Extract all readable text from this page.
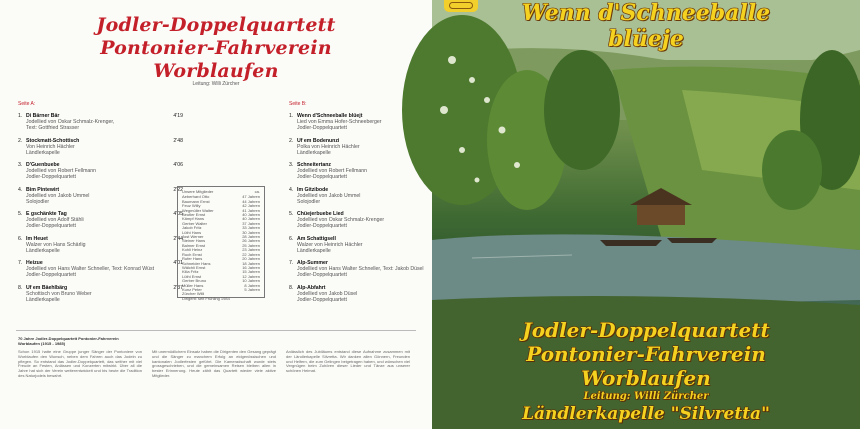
Jodler-Doppelquartett
Pontonier-Fahrverein
Worblaufen
Leitung: Willi Zürcher
Seite A:	Seite B:
1. Di Bärner Bär	4'19
Jodellied von Oskar Schmalz-Krenger,
Text: Gottfried Strasser
2. Stockmatt-Schottisch	2'48
Von Heinrich Hächler
Ländlerkapelle
3. D'Guenbuebe	4'06
Jodellied von Robert Fellmann
Jodler-Doppelquartett
4. Bim Pintewirt	2'22
Jodellied von Jakob Ummel
Solojodler
5. E gschänkte Tag	4'05
Jodellied von Adolf Stähli
Jodler-Doppelquartett
6. Im Heuet	2'44
Walzer von Hans Schärlig
Ländlerkapelle
7. Heizue	4'01
Jodellied von Hans Walter Schneller, Text: Konrad Wüst
Jodler-Doppelquartett
8. Uf em Bäehlbärg	2'37
Schottisch von Bruno Weber
Ländlerkapelle
1. Wenn d'Schneeballe blüejt
Lied von Emma Hofer-Schneeberger
Jodler-Doppelquartett
2. Uf em Bodenunzi
Polka von Heinrich Hächler
Ländlerkapelle
3. Schneitertanz
Jodellied von Robert Fellmann
Jodler-Doppelquartett
4. Im Gitzibode
Jodellied von Jakob Ummel
Solojodler
5. Chüejerbuebe Lied
Jodellied von Oskar Schmalz-Krenger
Jodler-Doppelquartett
6. Am Schattigsell
Walzer von Heinrich Hächler
Ländlerkapelle
7. Alp-Summer
Jodellied von Hans Walter Schneller, Text: Jakob Düsel
Jodler-Doppelquartett
8. Alp-Abfahrt
Jodellied von Jakob Düsel
Jodler-Doppelquartett
Unsere Mitglieder	ca.
Aeberhard Otto	47 Jahren
Baumann Ernst	44 Jahren
Feuz Willy	42 Jahren
Wegmüller Walter	41 Jahren
Beutler Ernst	40 Jahren
Kämpf Hans	40 Jahren
Gerber Walter	37 Jahren
Jakob Fritz	33 Jahren
Lüthi Hans	30 Jahren
Jost Werner	28 Jahren
Steiner Hans	26 Jahren
Balmer Ernst	25 Jahren
Kohli Heinz	23 Jahren
Ruch Ernst	22 Jahren
Rufer Hans	20 Jahren
Schneider Hans	18 Jahren
Wälchli Ernst	16 Jahren
Kilia Fritz	15 Jahren
Lüthi Ernst	12 Jahren
Gerber Bruno	10 Jahren
Müller Hans	8 Jahren
Kunz Peter	5 Jahren
Zürcher Willi
Dirigent: seit Frühling 1984
70 Jahre Jodler-Doppelquartett Pontonier-Fahrverein Worblaufen (1915 - 1985)
Schon 1915 hatte eine Gruppe junger Sänger der Pontoniere von Worblaufen den Wunsch, neben dem Fahren auch das Jodeln zu pflegen. So entstand das Jodler-Doppelquartett, das seither mit viel Freude an Festen, Anlässen und Konzerten mitwirkt. Über all die Jahre hat sich der Verein weiterentwickelt und bis heute die Tradition des Naturjodels bewahrt.
Mit unermüdlichem Einsatz haben die Dirigenten den Gesang geprägt und die Sänger zu manchem Erfolg an eidgenössischen und kantonalen Jodlerfesten geführt. Die Kameradschaft wurde stets grossgeschrieben, und die gemeinsamen Reisen bleiben allen in bester Erinnerung. Heute zählt das Quartett wieder viele aktive Mitglieder.
Anlässlich des Jubiläums entstand diese Aufnahme zusammen mit der Ländlerkapelle Silvretta. Wir danken allen Gönnern, Freunden und Helfern, die zum Gelingen beigetragen haben, und wünschen viel Vergnügen beim Zuhören dieser Lieder und Tänze aus unserer schönen Heimat.
Wenn d'Schneeballe
blüeje
Jodler-Doppelquartett
Pontonier-Fahrverein
Worblaufen
Leitung: Willi Zürcher
Ländlerkapelle "Silvretta"
